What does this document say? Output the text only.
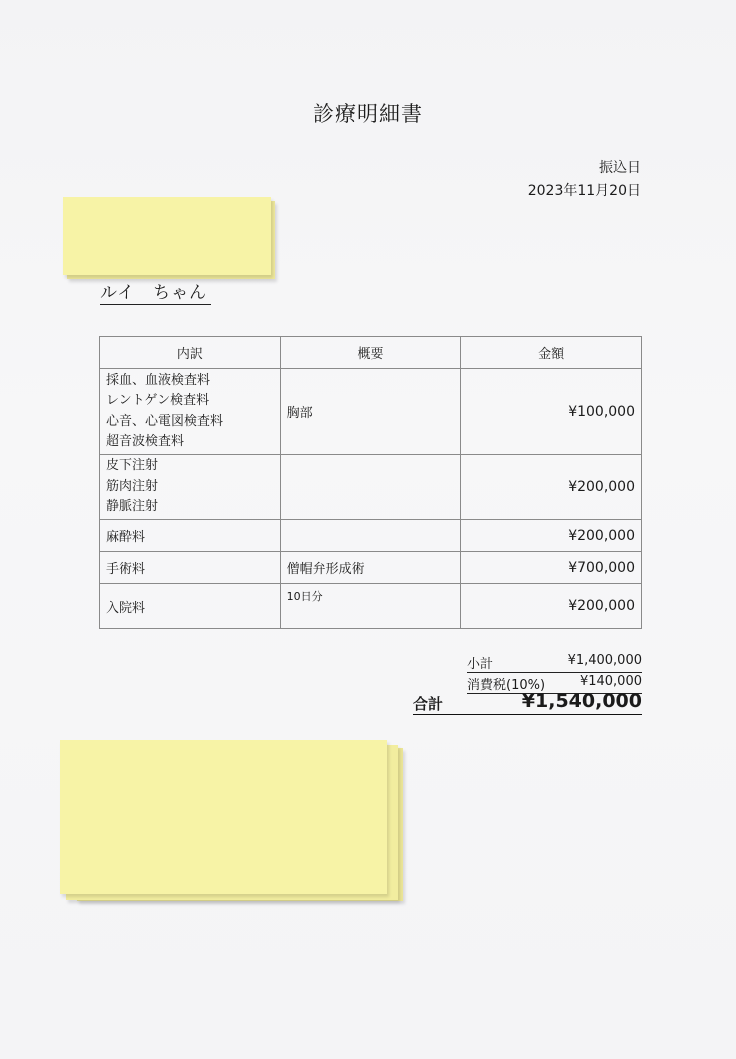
診療明細書
振込日
2023年11月20日
ルイ　ちゃん
内訳	概要	金額

採血、血液検査料
レントゲン検査料
心音、心電図検査料
超音波検査料	胸部	¥100,000

皮下注射
筋肉注射
静脈注射		¥200,000
麻酔料		¥200,000
手術料	僧帽弁形成術	¥700,000
入院料	10日分	¥200,000
小計	¥1,400,000
消費税(10%)	¥140,000
合計	¥1,540,000
